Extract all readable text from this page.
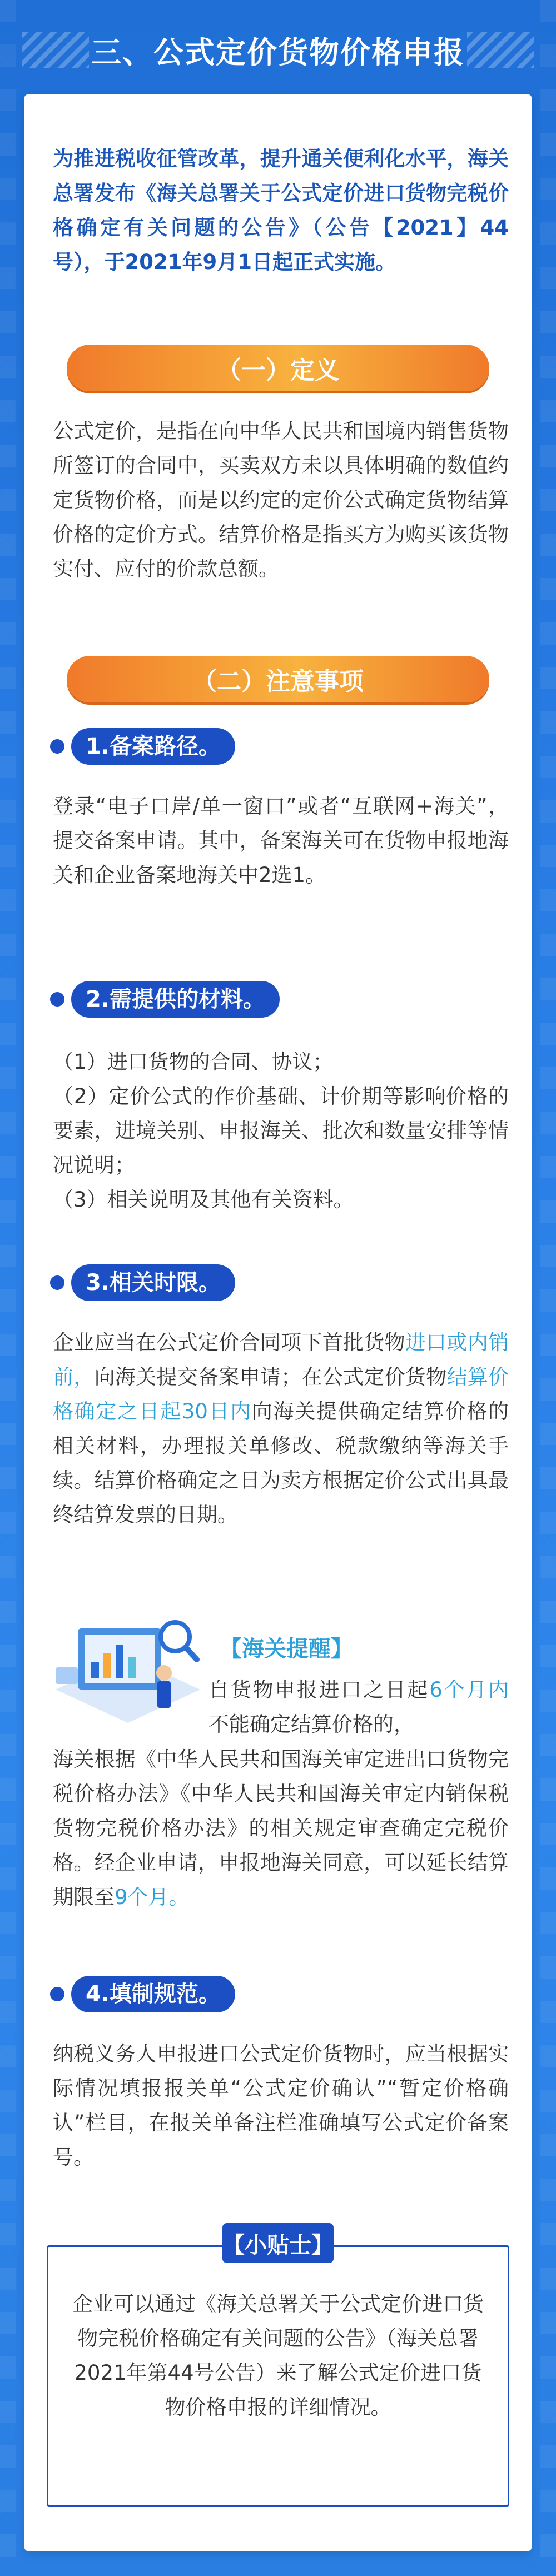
三、公式定价货物价格申报

为推进税收征管改革，提升通关便利化水平，海关总署发布《海关总署关于公式定价进口货物完税价格确定有关问题的公告》（公告【2021】44号），于2021年9月1日起正式实施。

（一）定义

公式定价，是指在向中华人民共和国境内销售货物所签订的合同中，买卖双方未以具体明确的数值约定货物价格，而是以约定的定价公式确定货物结算价格的定价方式。结算价格是指买方为购买该货物实付、应付的价款总额。

（二）注意事项
1.备案路径。

登录“电子口岸/单一窗口”或者“互联网+海关”，提交备案申请。其中，备案海关可在货物申报地海关和企业备案地海关中2选1。

2.需提供的材料。

（1）进口货物的合同、协议；

（2）定价公式的作价基础、计价期等影响价格的要素，进境关别、申报海关、批次和数量安排等情况说明；

（3）相关说明及其他有关资料。

3.相关时限。

企业应当在公式定价合同项下首批货物进口或内销前，向海关提交备案申请；在公式定价货物结算价格确定之日起30日内向海关提供确定结算价格的相关材料，办理报关单修改、税款缴纳等海关手续。结算价格确定之日为卖方根据定价公式出具最终结算发票的日期。

【海关提醒】

自货物申报进口之日起6个月内不能确定结算价格的，

海关根据《中华人民共和国海关审定进出口货物完税价格办法》《中华人民共和国海关审定内销保税货物完税价格办法》的相关规定审查确定完税价格。经企业申请，申报地海关同意，可以延长结算期限至9个月。

4.填制规范。

纳税义务人申报进口公式定价货物时，应当根据实际情况填报报关单“公式定价确认”“暂定价格确认”栏目，在报关单备注栏准确填写公式定价备案号。

【小贴士】

企业可以通过《海关总署关于公式定价进口货物完税价格确定有关问题的公告》（海关总署2021年第44号公告）来了解公式定价进口货物价格申报的详细情况。
